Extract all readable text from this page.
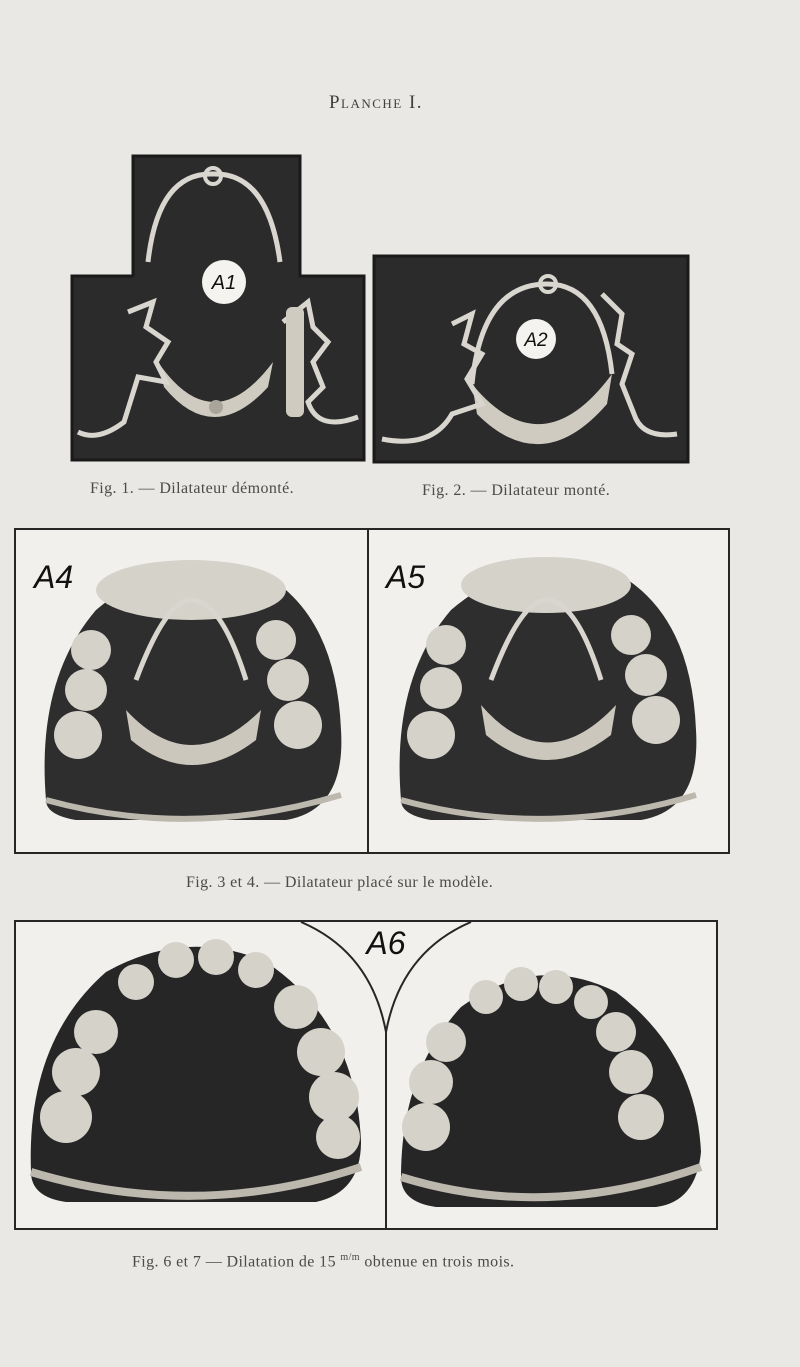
Planche I.
A1
A2
Fig. 1. — Dilatateur démonté.	Fig. 2. — Dilatateur monté.
A4	A5
Fig. 3 et 4. — Dilatateur placé sur le modèle.
A6
Fig. 6 et 7 — Dilatation de 15 $^{m/m}$ obtenue en trois mois.
